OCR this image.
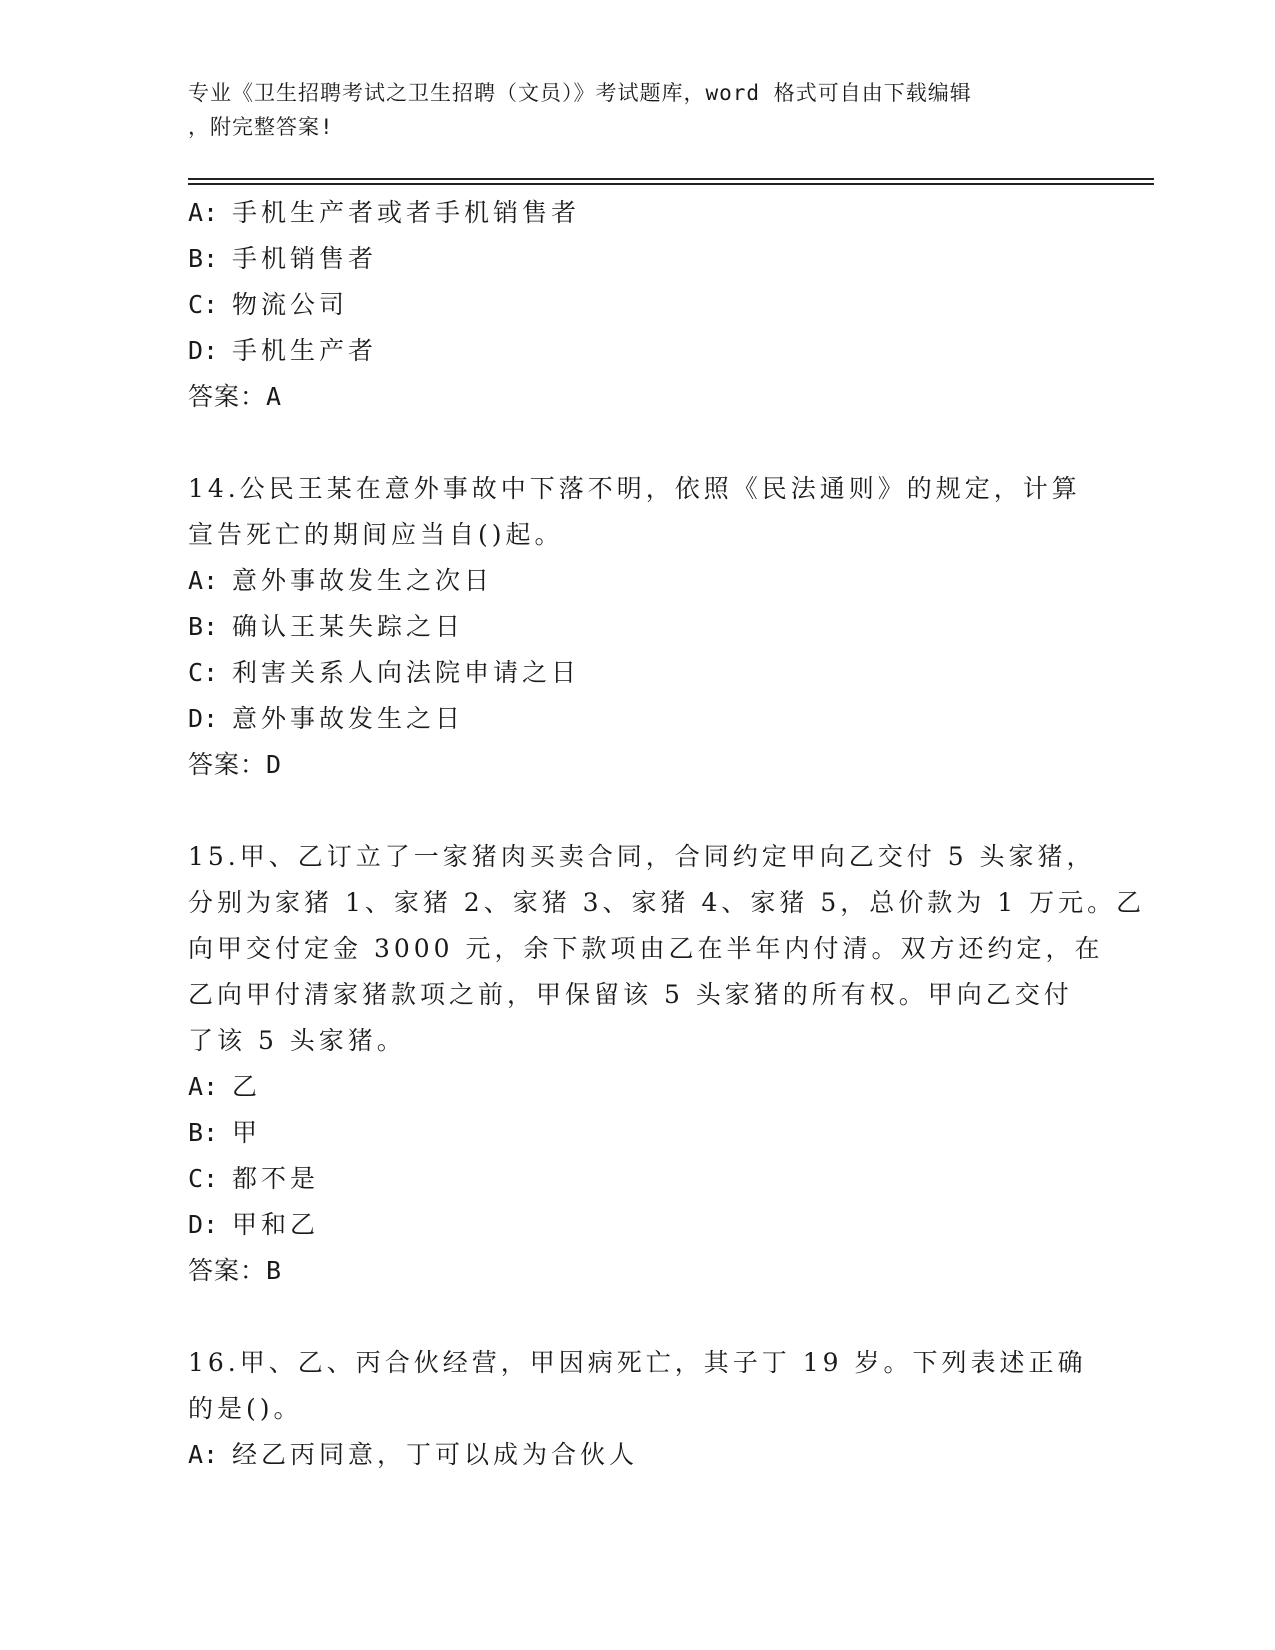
专业《卫生招聘考试之卫生招聘（文员）》考试题库，word 格式可自由下载编辑
，附完整答案!
A: 手机生产者或者手机销售者
B: 手机销售者
C: 物流公司
D: 手机生产者
答案：A
14.公民王某在意外事故中下落不明，依照《民法通则》的规定，计算
宣告死亡的期间应当自()起。
A: 意外事故发生之次日
B: 确认王某失踪之日
C: 利害关系人向法院申请之日
D: 意外事故发生之日
答案：D
15.甲、乙订立了一家猪肉买卖合同，合同约定甲向乙交付 5 头家猪，
分别为家猪 1、家猪 2、家猪 3、家猪 4、家猪 5，总价款为 1 万元。乙
向甲交付定金 3000 元，余下款项由乙在半年内付清。双方还约定，在
乙向甲付清家猪款项之前，甲保留该 5 头家猪的所有权。甲向乙交付
了该 5 头家猪。
A: 乙
B: 甲
C: 都不是
D: 甲和乙
答案：B
16.甲、乙、丙合伙经营，甲因病死亡，其子丁 19 岁。下列表述正确
的是()。
A: 经乙丙同意，丁可以成为合伙人
